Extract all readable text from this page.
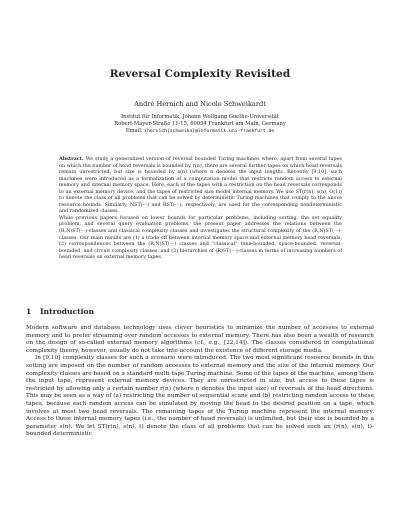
Reversal Complexity Revisited
André Hernich and Nicole Schweikardt
Institut für Informatik, Johann Wolfgang Goethe-Universität
Robert-Mayer-Straße 11-15, 60054 Frankfurt am Main, Germany
Email: {hernich|schweika}@informatik.uni-frankfurt.de

Abstract. We study a generalized version of reversal bounded Turing machines where, apart from several tapes on which the number of head reversals is bounded by r(n), there are several further tapes on which head reversals remain unrestricted, but size is bounded by s(n) (where n denotes the input length). Recently [9,10], such machines were introduced as a formalization of a computation model that restricts random access to external memory and internal memory space. Here, each of the tapes with a restriction on the head reversals corresponds to an external memory device, and the tapes of restricted size model internal memory. We use ST(r(n), s(n), O(1)) to denote the class of all problems that can be solved by deterministic Turing machines that comply to the above resource bounds. Similarly, NST(···) and RST(···), respectively, are used for the corresponding nondeterministic and randomized classes.

While previous papers focused on lower bounds for particular problems, including sorting, the set equality problem, and several query evaluation problems, the present paper addresses the relations between the (R,N)ST(···)-classes and classical complexity classes and investigates the structural complexity of the (R,N)ST(···)-classes. Our main results are (1) a trade-off between internal memory space and external memory head reversals, (2) correspondences between the (R,N)ST(···) classes and “classical” time-bounded, space-bounded, reversal-bounded, and circuit complexity classes, and (3) hierarchies of (R)ST(···)-classes in terms of increasing numbers of head reversals on external memory tapes.

1 Introduction

Modern software and database technology uses clever heuristics to minimize the number of accesses to external memory and to prefer streaming over random accesses to external memory. There has also been a wealth of research on the design of so-called external memory algorithms (cf., e.g., [22,14]). The classes considered in computational complexity theory, however, usually do not take into account the existence of different storage media.

In [9,10] complexity classes for such a scenario were introduced. The two most significant resource bounds in this setting are imposed on the number of random accesses to external memory and the size of the internal memory. Our complexity classes are based on a standard multi-tape Turing machine. Some of the tapes of the machine, among them the input tape, represent external memory devices. They are unrestricted in size, but access to these tapes is restricted by allowing only a certain number r(n) (where n denotes the input size) of reversals of the head directions. This may be seen as a way of (a) restricting the number of sequential scans and (b) restricting random access to these tapes, because each random access can be simulated by moving the head to the desired position on a tape, which involves at most two head reversals. The remaining tapes of the Turing machine represent the internal memory. Access to these internal memory tapes (i.e., the number of head reversals) is unlimited, but their size is bounded by a parameter s(n). We let ST(r(n), s(n), t) denote the class of all problems that can be solved such an (r(n), s(n), t)-bounded deterministic
